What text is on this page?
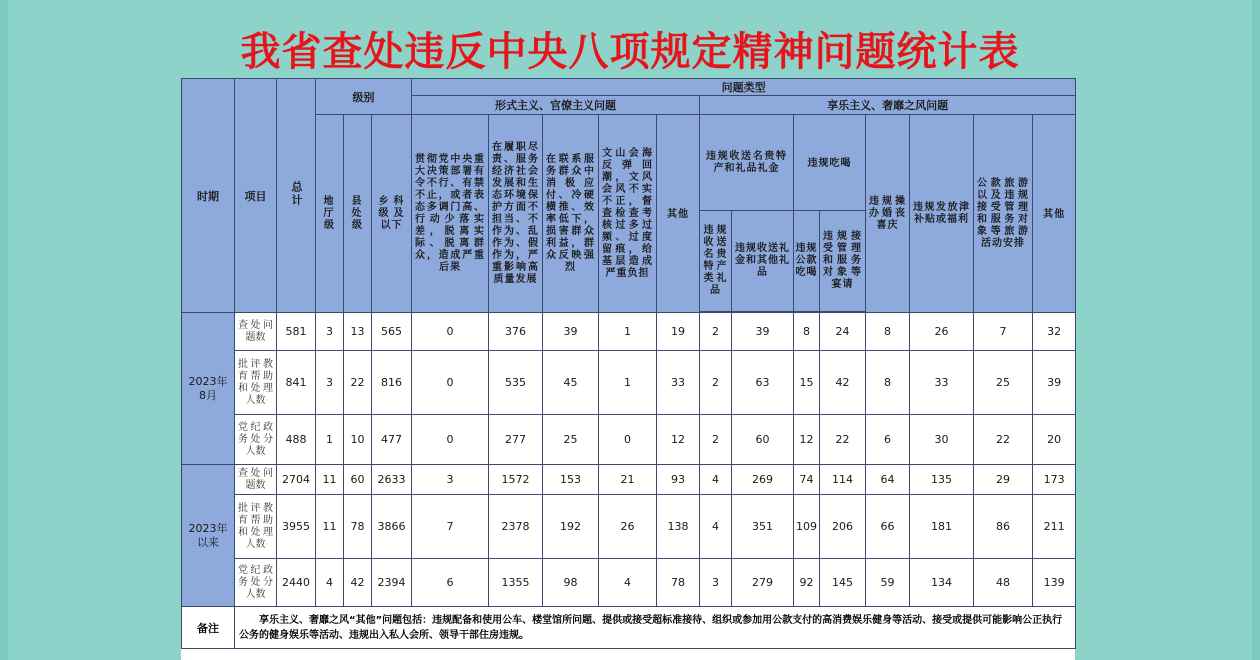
我省查处违反中央八项规定精神问题统计表
时期	项目	总计	级别			问题类型												
						形式主义、官僚主义问题					享乐主义、奢靡之风问题							

			地厅级	县处级	乡科级及以下	贯彻党中央重大决策部署有令不行、有禁不止，或者表态多调门高、行动少落实差，脱离实际、脱离群众，造成严重后果	在履职尽责、服务经济社会发展和生态环境保护方面不担当、不作为、乱作为、假作为，严重影响高质量发展	在联系服务群众中消极应付、冷硬横推、效率低下，损害群众利益，群众反映强烈	文山会海反弹回潮，文风会风不实不正，督查检查考核过多过频、过度留痕，给基层造成严重负担	其他	违规收送名贵特产和礼品礼金		违规吃喝		违规操办婚丧喜庆	违规发放津补贴或福利	公款旅游以及违规接受管理和服务对象等旅游活动安排	其他

											违规收送名贵特产类礼品	违规收送礼金和其他礼品	违规公款吃喝	违规接受管理和服务对象等宴请				

2023年8月	查处问题数	581	3	13	565	0	376	39	1	19	2	39	8	24	8	26	7	32

	批评教育帮助和处理人数	841	3	22	816	0	535	45	1	33	2	63	15	42	8	33	25	39

	党纪政务处分人数	488	1	10	477	0	277	25	0	12	2	60	12	22	6	30	22	20

2023年以来	查处问题数	2704	11	60	2633	3	1572	153	21	93	4	269	74	114	64	135	29	173

	批评教育帮助和处理人数	3955	11	78	3866	7	2378	192	26	138	4	351	109	206	66	181	86	211

	党纪政务处分人数	2440	4	42	2394	6	1355	98	4	78	3	279	92	145	59	134	48	139
备注	享乐主义、奢靡之风“其他”问题包括：违规配备和使用公车、楼堂馆所问题、提供或接受超标准接待、组织或参加用公款支付的高消费娱乐健身等活动、接受或提供可能影响公正执行公务的健身娱乐等活动、违规出入私人会所、领导干部住房违规。																	
